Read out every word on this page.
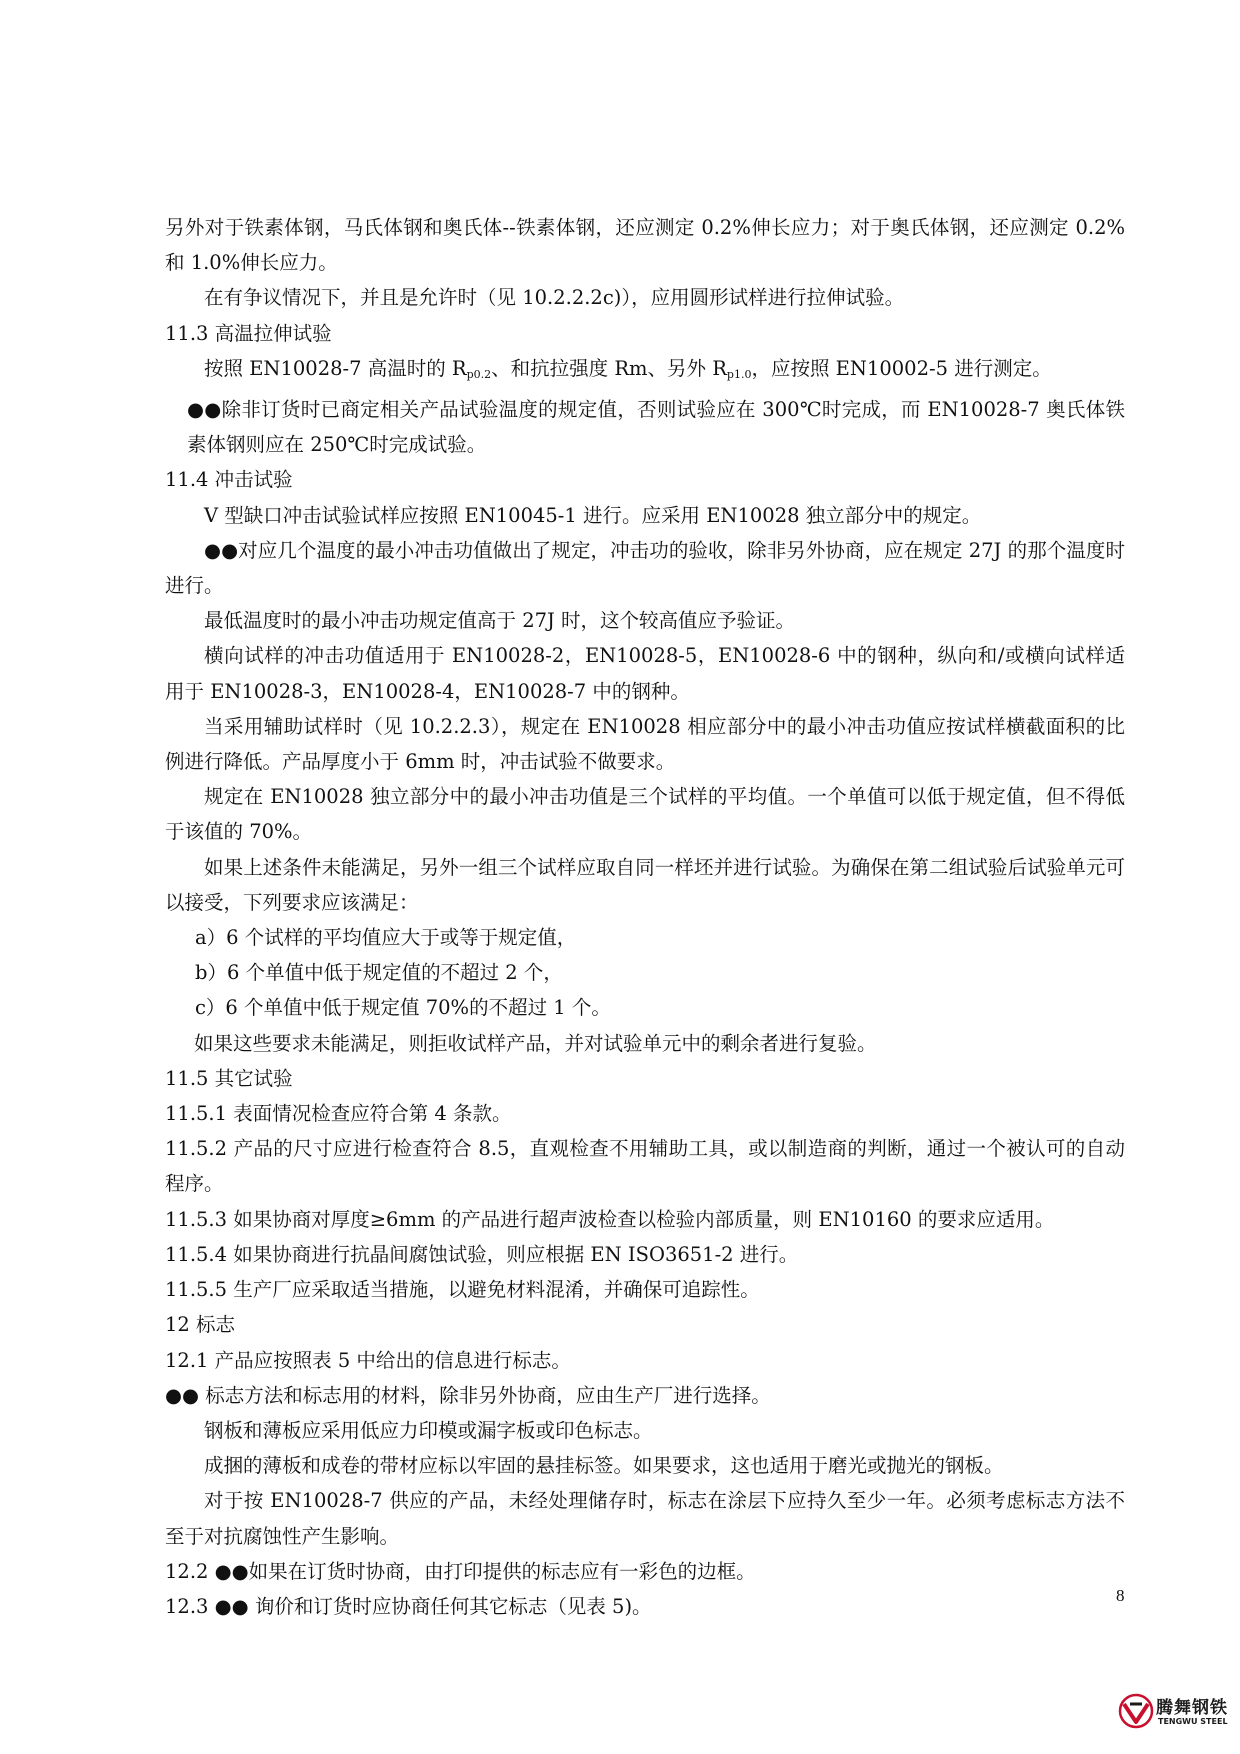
另外对于铁素体钢，马氏体钢和奥氏体--铁素体钢，还应测定 0.2%伸长应力；对于奥氏体钢，还应测定 0.2%和 1.0%伸长应力。

在有争议情况下，并且是允许时（见 10.2.2.2c)），应用圆形试样进行拉伸试验。

11.3 高温拉伸试验

按照 EN10028-7 高温时的 $R_{p0.2}$、和抗拉强度 Rm、另外 $R_{p1.0}$，应按照 EN10002-5 进行测定。

●●除非订货时已商定相关产品试验温度的规定值，否则试验应在 300℃时完成，而 EN10028-7 奥氏体铁素体钢则应在 250℃时完成试验。

11.4 冲击试验

V 型缺口冲击试验试样应按照 EN10045-1 进行。应采用 EN10028 独立部分中的规定。

●●对应几个温度的最小冲击功值做出了规定，冲击功的验收，除非另外协商，应在规定 27J 的那个温度时进行。

最低温度时的最小冲击功规定值高于 27J 时，这个较高值应予验证。

横向试样的冲击功值适用于 EN10028-2，EN10028-5，EN10028-6 中的钢种，纵向和/或横向试样适用于 EN10028-3，EN10028-4，EN10028-7 中的钢种。

当采用辅助试样时（见 10.2.2.3），规定在 EN10028 相应部分中的最小冲击功值应按试样横截面积的比例进行降低。产品厚度小于 6mm 时，冲击试验不做要求。

规定在 EN10028 独立部分中的最小冲击功值是三个试样的平均值。一个单值可以低于规定值，但不得低于该值的 70%。

如果上述条件未能满足，另外一组三个试样应取自同一样坯并进行试验。为确保在第二组试验后试验单元可以接受，下列要求应该满足：

a）6 个试样的平均值应大于或等于规定值，

b）6 个单值中低于规定值的不超过 2 个，

c）6 个单值中低于规定值 70%的不超过 1 个。

如果这些要求未能满足，则拒收试样产品，并对试验单元中的剩余者进行复验。

11.5 其它试验

11.5.1 表面情况检查应符合第 4 条款。

11.5.2 产品的尺寸应进行检查符合 8.5，直观检查不用辅助工具，或以制造商的判断，通过一个被认可的自动程序。

11.5.3 如果协商对厚度≥6mm 的产品进行超声波检查以检验内部质量，则 EN10160 的要求应适用。

11.5.4 如果协商进行抗晶间腐蚀试验，则应根据 EN ISO3651-2 进行。

11.5.5 生产厂应采取适当措施，以避免材料混淆，并确保可追踪性。

12 标志

12.1 产品应按照表 5 中给出的信息进行标志。

●● 标志方法和标志用的材料，除非另外协商，应由生产厂进行选择。

钢板和薄板应采用低应力印模或漏字板或印色标志。

成捆的薄板和成卷的带材应标以牢固的悬挂标签。如果要求，这也适用于磨光或抛光的钢板。

对于按 EN10028-7 供应的产品，未经处理储存时，标志在涂层下应持久至少一年。必须考虑标志方法不至于对抗腐蚀性产生影响。

12.2 ●●如果在订货时协商，由打印提供的标志应有一彩色的边框。

12.3 ●● 询价和订货时应协商任何其它标志（见表 5)。	8
腾舞钢铁
TENGWU STEEL
